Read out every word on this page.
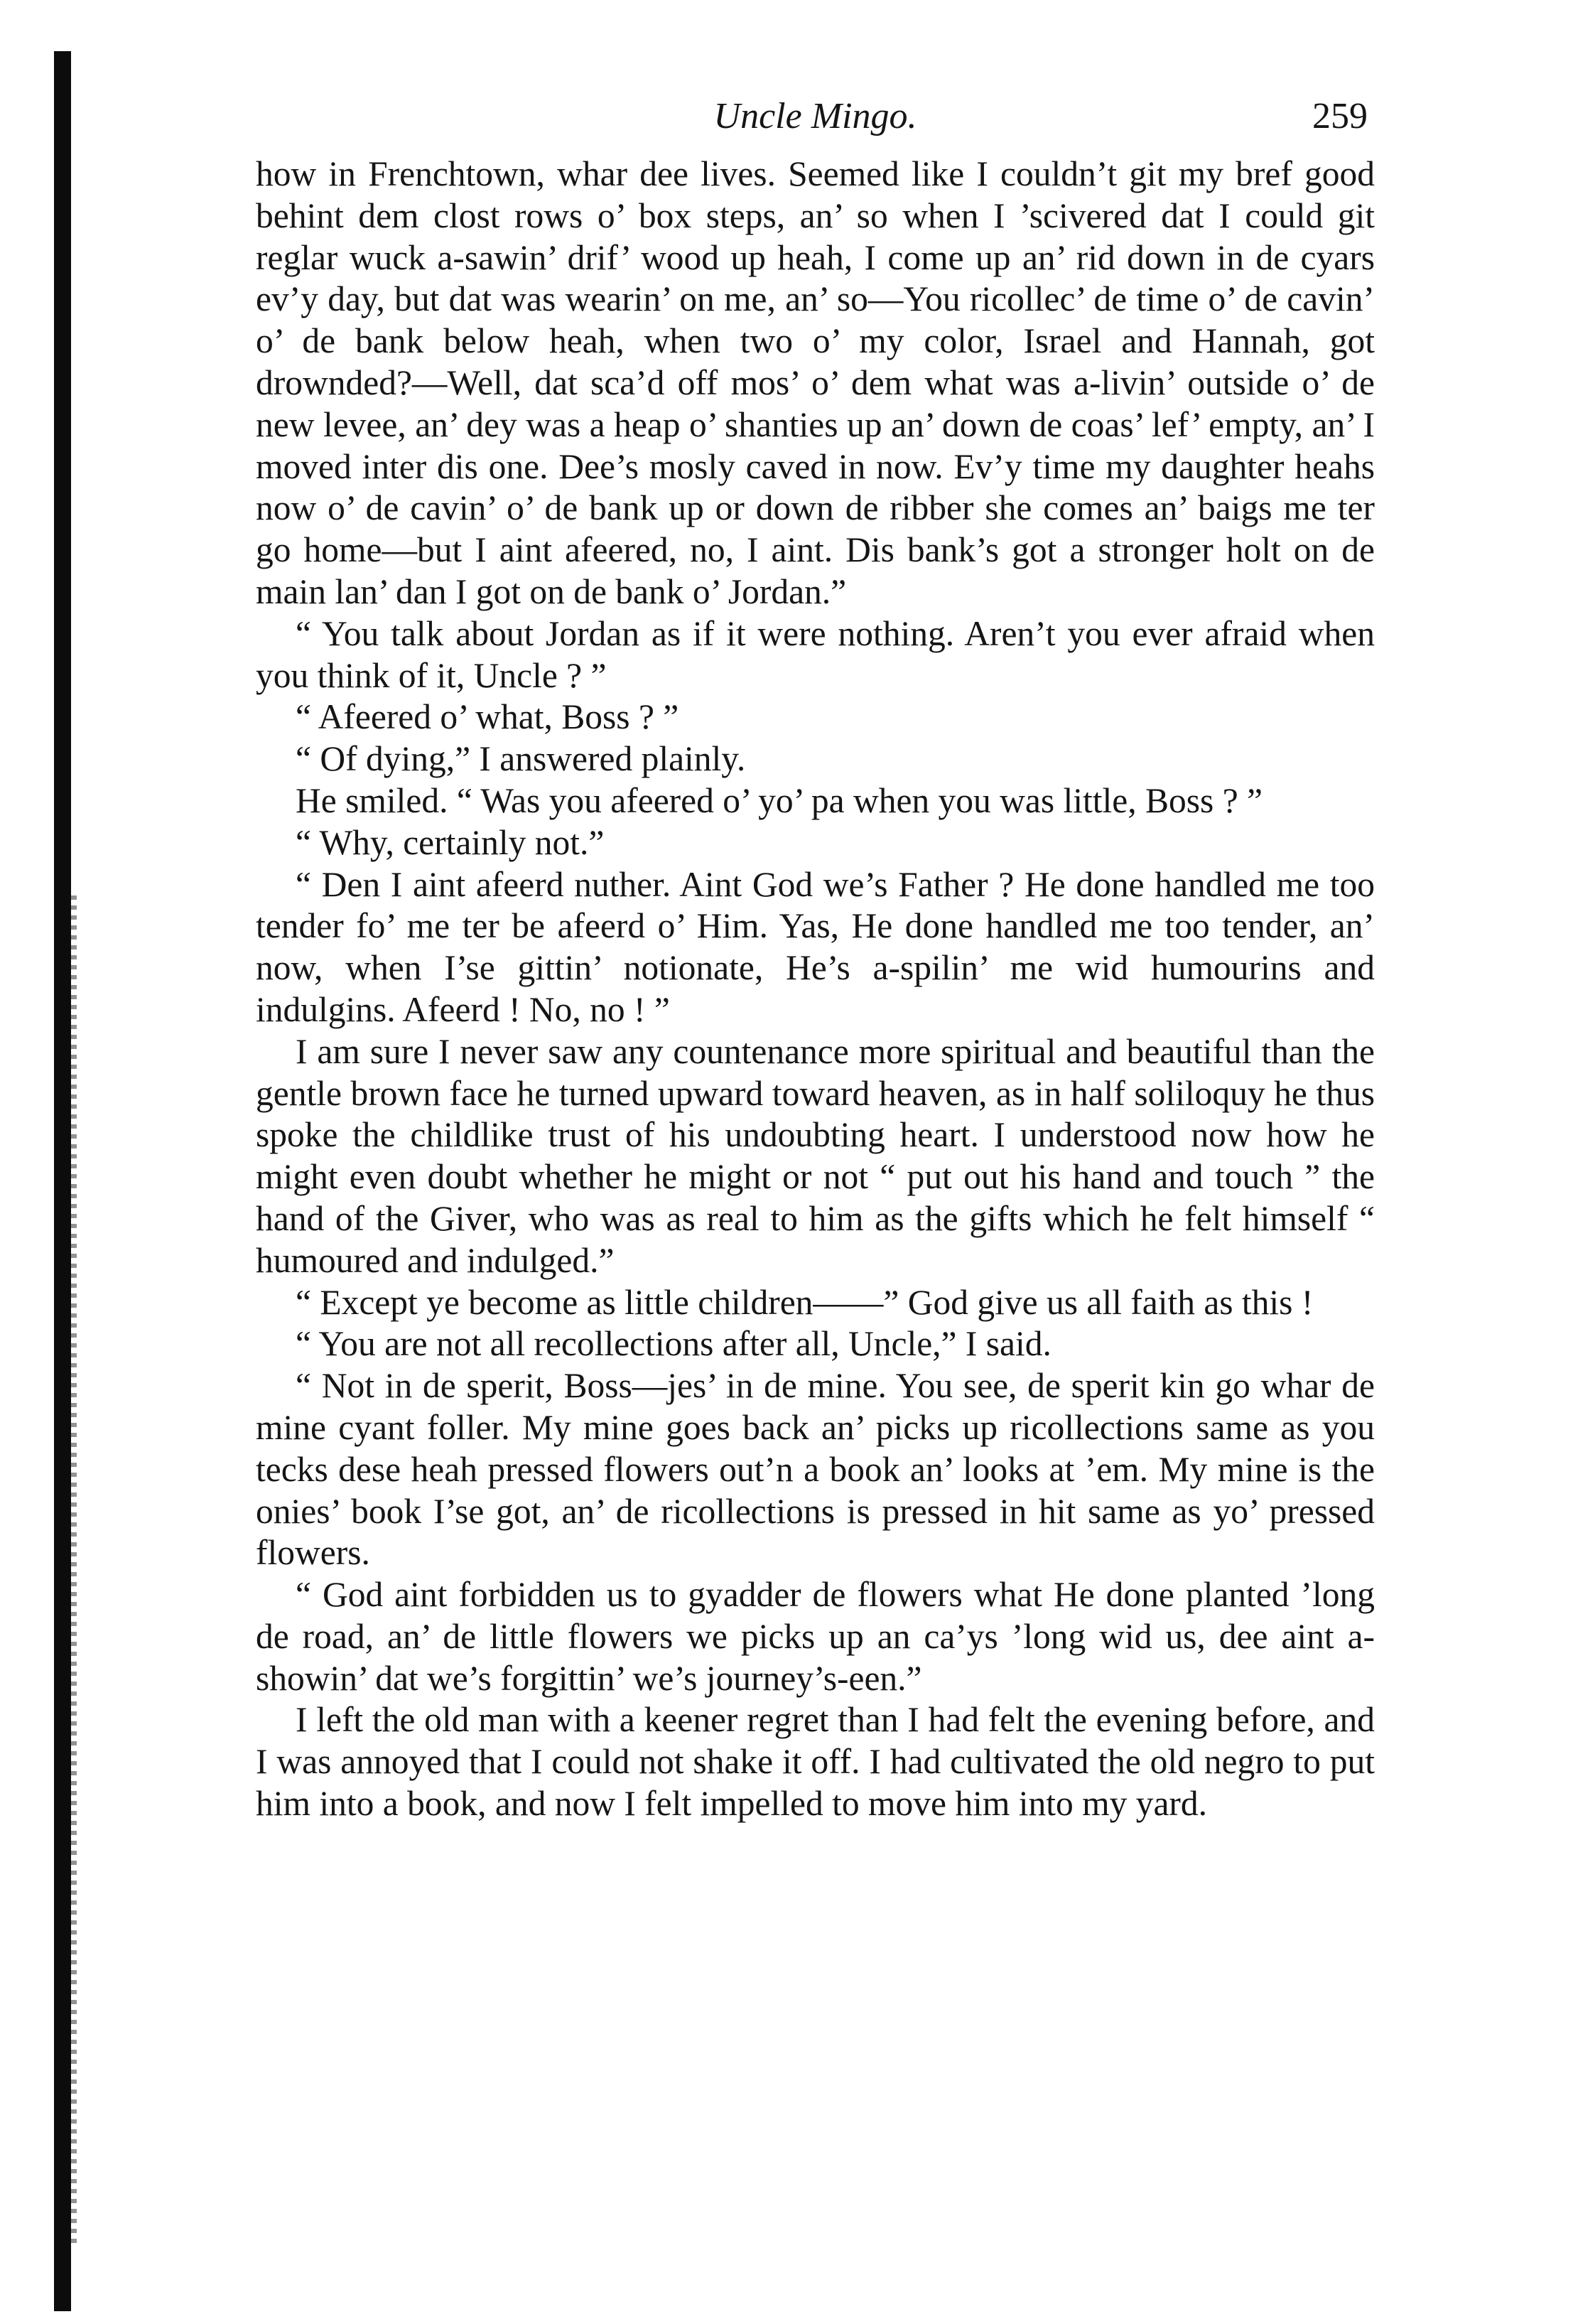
Uncle Mingo.	259

how in Frenchtown, whar dee lives. Seemed like I couldn’t git my bref good behint dem clost rows o’ box steps, an’ so when I ’scivered dat I could git reglar wuck a-sawin’ drif’ wood up heah, I come up an’ rid down in de cyars ev’y day, but dat was wearin’ on me, an’ so—You ricollec’ de time o’ de cavin’ o’ de bank below heah, when two o’ my color, Israel and Hannah, got drownded?—Well, dat sca’d off mos’ o’ dem what was a-livin’ outside o’ de new levee, an’ dey was a heap o’ shanties up an’ down de coas’ lef’ empty, an’ I moved inter dis one. Dee’s mosly caved in now. Ev’y time my daughter heahs now o’ de cavin’ o’ de bank up or down de ribber she comes an’ baigs me ter go home—but I aint afeered, no, I aint. Dis bank’s got a stronger holt on de main lan’ dan I got on de bank o’ Jordan.”

“ You talk about Jordan as if it were nothing. Aren’t you ever afraid when you think of it, Uncle ? ”

“ Afeered o’ what, Boss ? ”

“ Of dying,” I answered plainly.

He smiled. “ Was you afeered o’ yo’ pa when you was little, Boss ? ”

“ Why, certainly not.”

“ Den I aint afeerd nuther. Aint God we’s Father ? He done handled me too tender fo’ me ter be afeerd o’ Him. Yas, He done handled me too tender, an’ now, when I’se gittin’ notionate, He’s a-spilin’ me wid humourins and indulgins. Afeerd ! No, no ! ”

I am sure I never saw any countenance more spiritual and beautiful than the gentle brown face he turned upward toward heaven, as in half soliloquy he thus spoke the childlike trust of his undoubting heart. I understood now how he might even doubt whether he might or not “ put out his hand and touch ” the hand of the Giver, who was as real to him as the gifts which he felt himself “ humoured and indulged.”

“ Except ye become as little children——” God give us all faith as this !

“ You are not all recollections after all, Uncle,” I said.

“ Not in de sperit, Boss—jes’ in de mine. You see, de sperit kin go whar de mine cyant foller. My mine goes back an’ picks up ricollections same as you tecks dese heah pressed flowers out’n a book an’ looks at ’em. My mine is the onies’ book I’se got, an’ de ricollections is pressed in hit same as yo’ pressed flowers.

“ God aint forbidden us to gyadder de flowers what He done planted ’long de road, an’ de little flowers we picks up an ca’ys ’long wid us, dee aint a-showin’ dat we’s forgittin’ we’s journey’s-een.”

I left the old man with a keener regret than I had felt the evening before, and I was annoyed that I could not shake it off. I had cultivated the old negro to put him into a book, and now I felt impelled to move him into my yard.
